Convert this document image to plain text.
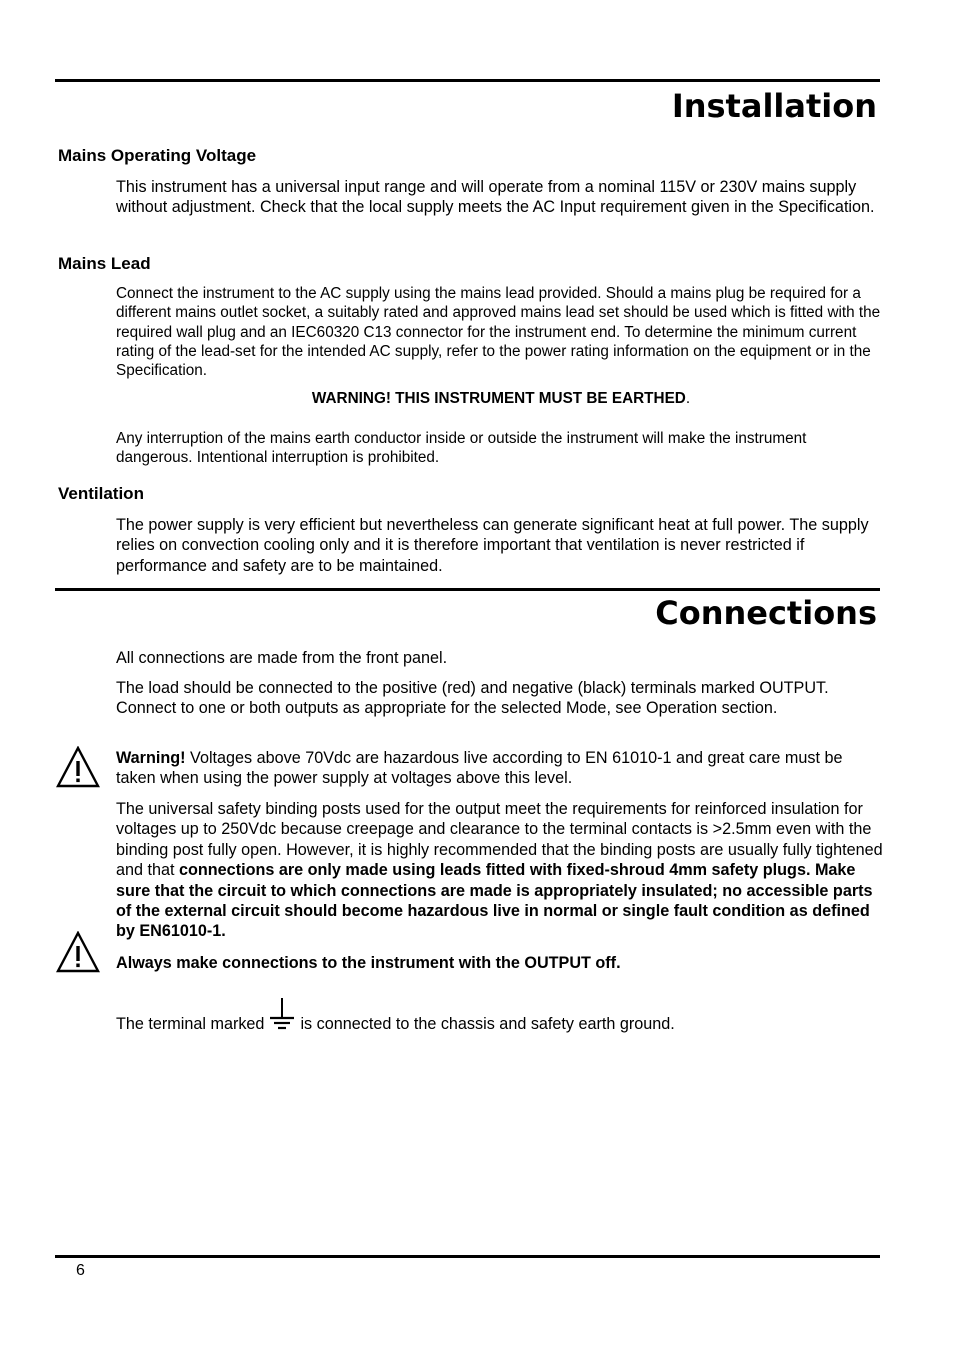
Installation
Mains Operating Voltage

This instrument has a universal input range and will operate from a nominal 115V or 230V mains supply without adjustment. Check that the local supply meets the AC Input requirement given in the Specification.

Mains Lead

Connect the instrument to the AC supply using the mains lead provided. Should a mains plug be required for a different mains outlet socket, a suitably rated and approved mains lead set should be used which is fitted with the required wall plug and an IEC60320 C13 connector for the instrument end. To determine the minimum current rating of the lead-set for the intended AC supply, refer to the power rating information on the equipment or in the Specification.

WARNING! THIS INSTRUMENT MUST BE EARTHED.

Any interruption of the mains earth conductor inside or outside the instrument will make the instrument dangerous. Intentional interruption is prohibited.

Ventilation

The power supply is very efficient but nevertheless can generate significant heat at full power. The supply relies on convection cooling only and it is therefore important that ventilation is never restricted if performance and safety are to be maintained.

Connections

All connections are made from the front panel.

The load should be connected to the positive (red) and negative (black) terminals marked OUTPUT. Connect to one or both outputs as appropriate for the selected Mode, see Operation section.

Warning! Voltages above 70Vdc are hazardous live according to EN 61010-1 and great care must be taken when using the power supply at voltages above this level.

The universal safety binding posts used for the output meet the requirements for reinforced insulation for voltages up to 250Vdc because creepage and clearance to the terminal contacts is >2.5mm even with the binding post fully open. However, it is highly recommended that the binding posts are usually fully tightened and that connections are only made using leads fitted with fixed-shroud 4mm safety plugs. Make sure that the circuit to which connections are made is appropriately insulated; no accessible parts of the external circuit should become hazardous live in normal or single fault condition as defined by EN61010-1.

Always make connections to the instrument with the OUTPUT off.

The terminal marked is connected to the chassis and safety earth ground.

6
